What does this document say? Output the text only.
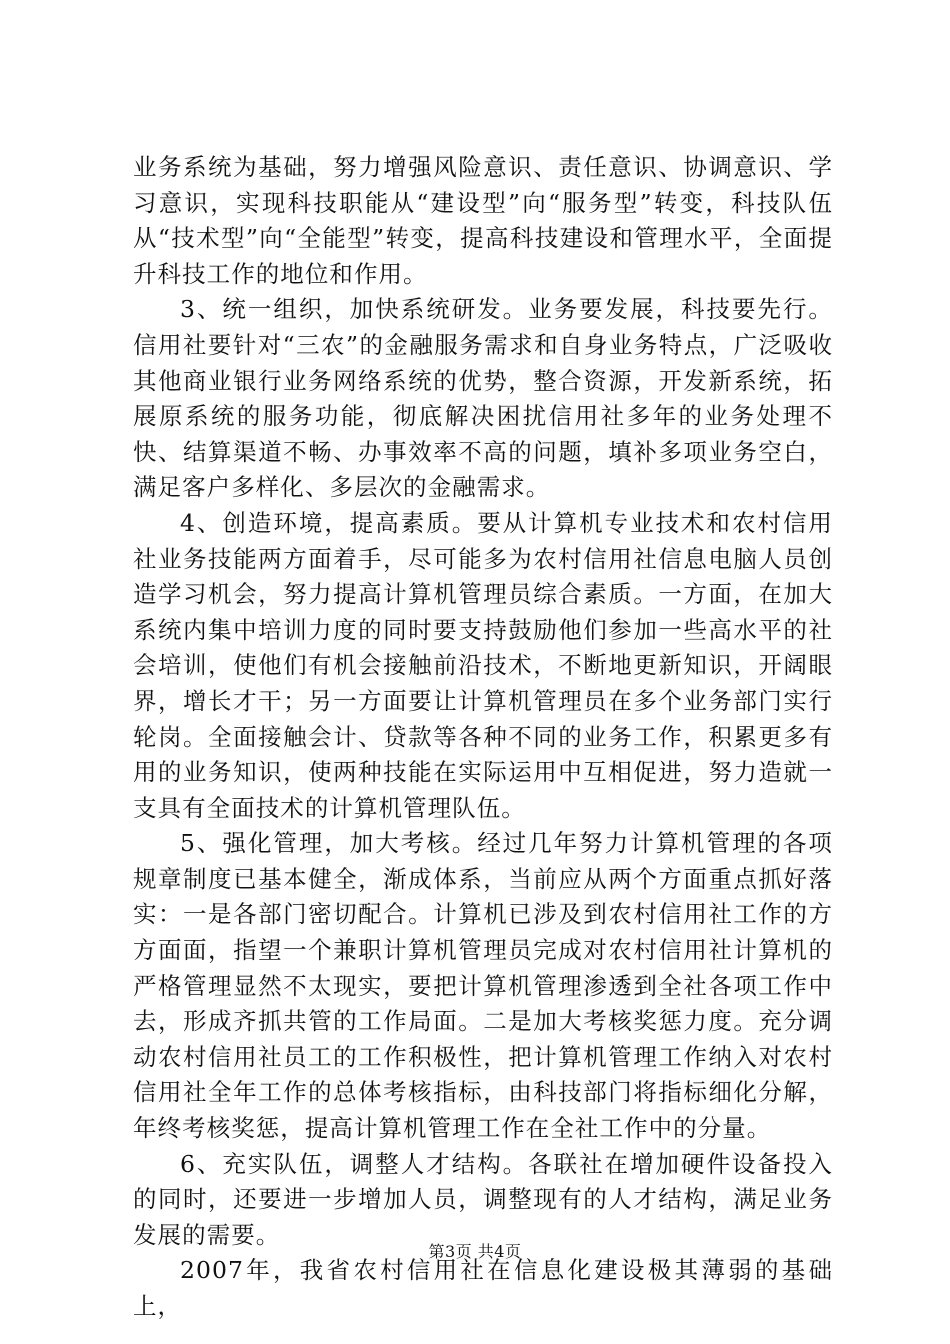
业务系统为基础，努力增强风险意识、责任意识、协调意识、学习意识，实现科技职能从“建设型”向“服务型”转变，科技队伍从“技术型”向“全能型”转变，提高科技建设和管理水平，全面提升科技工作的地位和作用。

3、统一组织，加快系统研发。业务要发展，科技要先行。信用社要针对“三农”的金融服务需求和自身业务特点，广泛吸收其他商业银行业务网络系统的优势，整合资源，开发新系统，拓展原系统的服务功能，彻底解决困扰信用社多年的业务处理不快、结算渠道不畅、办事效率不高的问题，填补多项业务空白，满足客户多样化、多层次的金融需求。

4、创造环境，提高素质。要从计算机专业技术和农村信用社业务技能两方面着手，尽可能多为农村信用社信息电脑人员创造学习机会，努力提高计算机管理员综合素质。一方面，在加大系统内集中培训力度的同时要支持鼓励他们参加一些高水平的社会培训，使他们有机会接触前沿技术，不断地更新知识，开阔眼界，增长才干；另一方面要让计算机管理员在多个业务部门实行轮岗。全面接触会计、贷款等各种不同的业务工作，积累更多有用的业务知识，使两种技能在实际运用中互相促进，努力造就一支具有全面技术的计算机管理队伍。

5、强化管理，加大考核。经过几年努力计算机管理的各项规章制度已基本健全，渐成体系，当前应从两个方面重点抓好落实：一是各部门密切配合。计算机已涉及到农村信用社工作的方方面面，指望一个兼职计算机管理员完成对农村信用社计算机的严格管理显然不太现实，要把计算机管理渗透到全社各项工作中去，形成齐抓共管的工作局面。二是加大考核奖惩力度。充分调动农村信用社员工的工作积极性，把计算机管理工作纳入对农村信用社全年工作的总体考核指标，由科技部门将指标细化分解，年终考核奖惩，提高计算机管理工作在全社工作中的分量。

6、充实队伍，调整人才结构。各联社在增加硬件设备投入的同时，还要进一步增加人员，调整现有的人才结构，满足业务发展的需要。

2007年，我省农村信用社在信息化建设极其薄弱的基础上，

第3页 共4页
